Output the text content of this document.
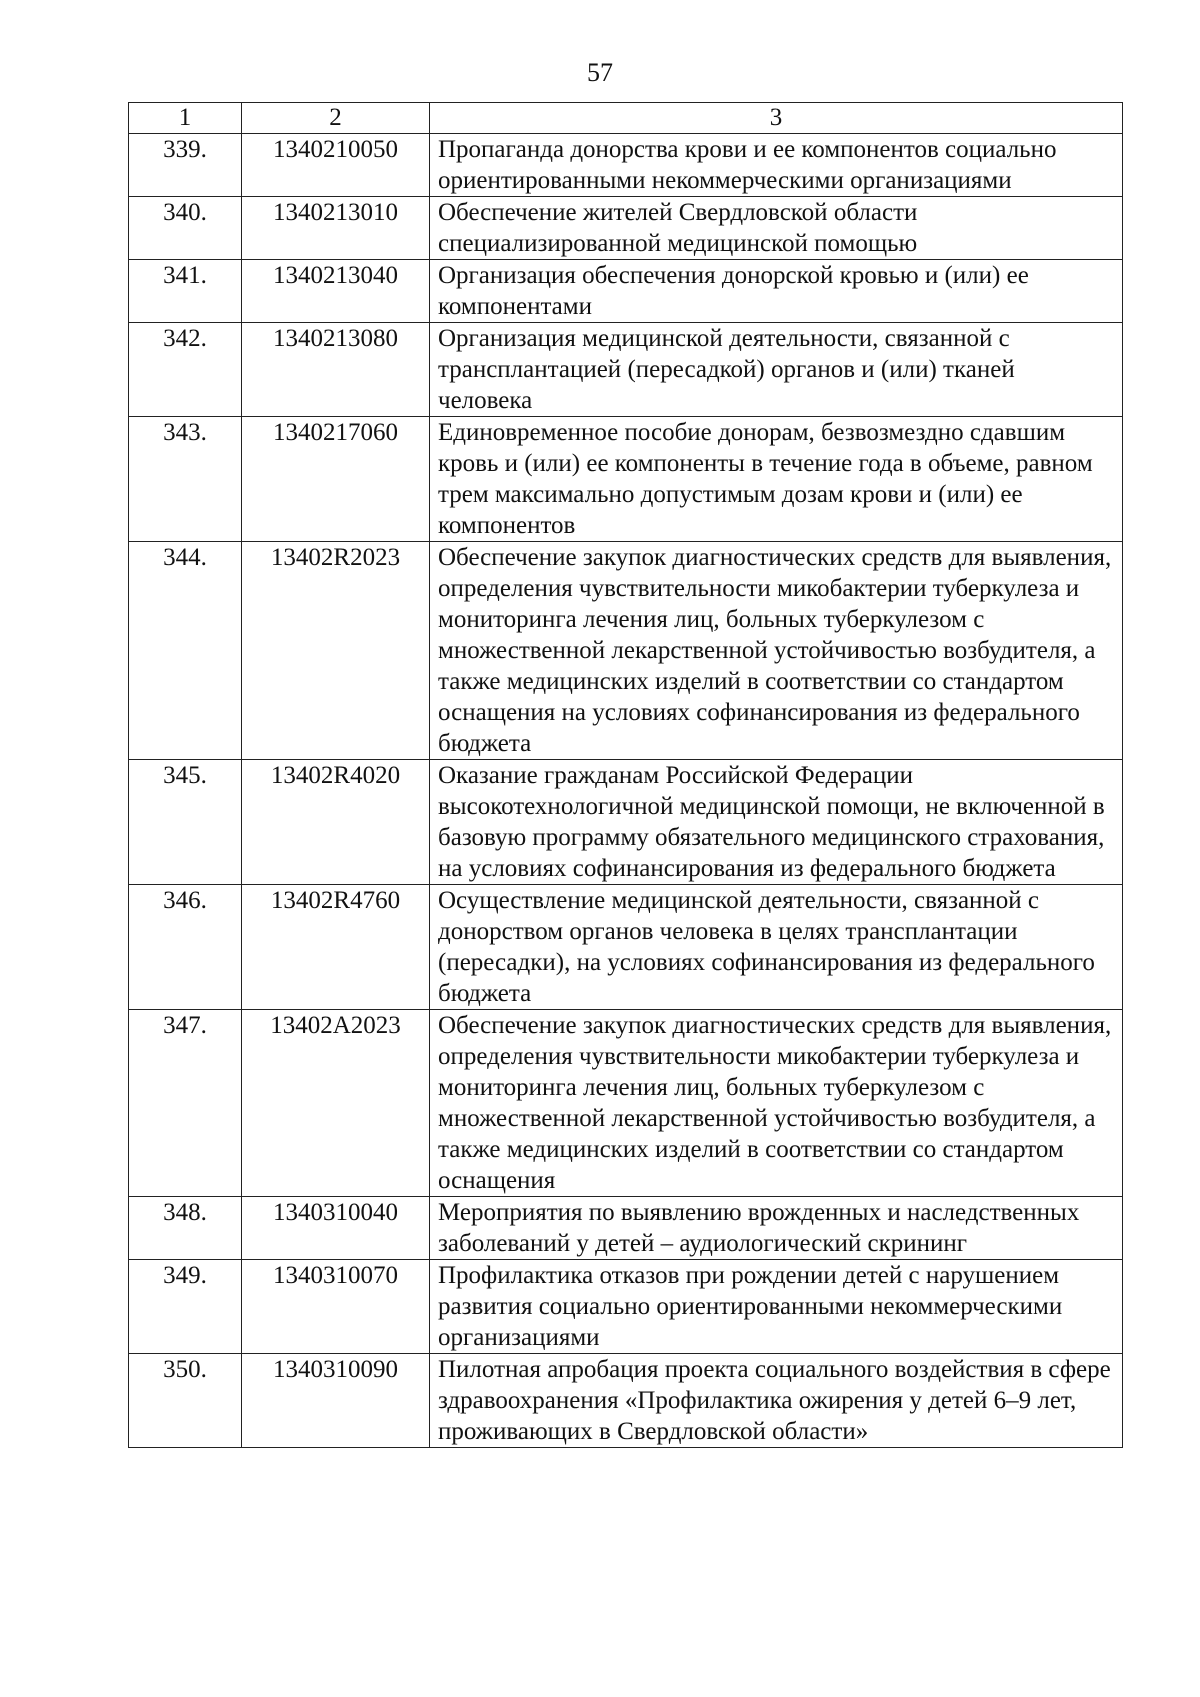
57
1	2	3
339.	1340210050	Пропаганда донорства крови и ее компонентов социально ориентированными некоммерческими организациями
340.	1340213010	Обеспечение жителей Свердловской области специализированной медицинской помощью
341.	1340213040	Организация обеспечения донорской кровью и (или) ее компонентами
342.	1340213080	Организация медицинской деятельности, связанной с трансплантацией (пересадкой) органов и (или) тканей человека
343.	1340217060	Единовременное пособие донорам, безвозмездно сдавшим кровь и (или) ее компоненты в течение года в объеме, равном трем максимально допустимым дозам крови и (или) ее компонентов
344.	13402R2023	Обеспечение закупок диагностических средств для выявления, определения чувствительности микобактерии туберкулеза и мониторинга лечения лиц, больных туберкулезом с множественной лекарственной устойчивостью возбудителя, а также медицинских изделий в соответствии со стандартом оснащения на условиях софинансирования из федерального бюджета
345.	13402R4020	Оказание гражданам Российской Федерации высокотехнологичной медицинской помощи, не включенной в базовую программу обязательного медицинского страхования, на условиях софинансирования из федерального бюджета
346.	13402R4760	Осуществление медицинской деятельности, связанной с донорством органов человека в целях трансплантации (пересадки), на условиях софинансирования из федерального бюджета
347.	13402A2023	Обеспечение закупок диагностических средств для выявления, определения чувствительности микобактерии туберкулеза и мониторинга лечения лиц, больных туберкулезом с множественной лекарственной устойчивостью возбудителя, а также медицинских изделий в соответствии со стандартом оснащения
348.	1340310040	Мероприятия по выявлению врожденных и наследственных заболеваний у детей – аудиологический скрининг
349.	1340310070	Профилактика отказов при рождении детей с нарушением развития социально ориентированными некоммерческими организациями
350.	1340310090	Пилотная апробация проекта социального воздействия в сфере здравоохранения «Профилактика ожирения у детей 6–9 лет, проживающих в Свердловской области»
